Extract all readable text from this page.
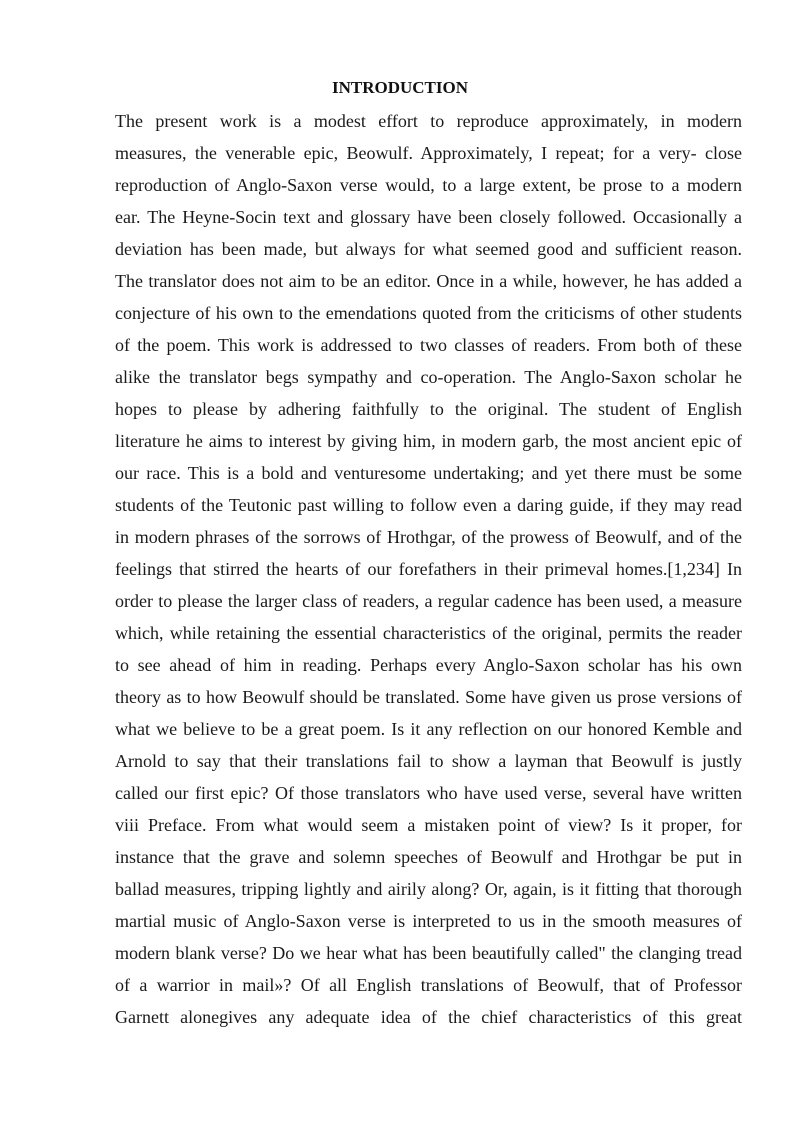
INTRODUCTION
The present work is a modest effort to reproduce approximately, in modern
measures, the venerable epic, Beowulf. Approximately, I repeat; for a very- close
reproduction of Anglo-Saxon verse would, to a large extent, be prose to a modern
ear. The Heyne-Socin text and glossary have been closely followed. Occasionally a
deviation has been made, but always for what seemed good and sufficient reason.
The translator does not aim to be an editor. Once in a while, however, he has added a
conjecture of his own to the emendations quoted from the criticisms of other students
of the poem. This work is addressed to two classes of readers. From both of these
alike the translator begs sympathy and co-operation. The Anglo-Saxon scholar he
hopes to please by adhering faithfully to the original. The student of English
literature he aims to interest by giving him, in modern garb, the most ancient epic of
our race. This is a bold and venturesome undertaking; and yet there must be some
students of the Teutonic past willing to follow even a daring guide, if they may read
in modern phrases of the sorrows of Hrothgar, of the prowess of Beowulf, and of the
feelings that stirred the hearts of our forefathers in their primeval homes.[1,234] In
order to please the larger class of readers, a regular cadence has been used, a measure
which, while retaining the essential characteristics of the original, permits the reader
to see ahead of him in reading. Perhaps every Anglo-Saxon scholar has his own
theory as to how Beowulf should be translated. Some have given us prose versions of
what we believe to be a great poem. Is it any reflection on our honored Kemble and
Arnold to say that their translations fail to show a layman that Beowulf is justly
called our first epic? Of those translators who have used verse, several have written
viii Preface. From what would seem a mistaken point of view? Is it proper, for
instance that the grave and solemn speeches of Beowulf and Hrothgar be put in
ballad measures, tripping lightly and airily along? Or, again, is it fitting that thorough
martial music of Anglo-Saxon verse is interpreted to us in the smooth measures of
modern blank verse? Do we hear what has been beautifully called" the clanging tread
of a warrior in mail»? Of all English translations of Beowulf, that of Professor
Garnett alonegives any adequate idea of the chief characteristics of this great
